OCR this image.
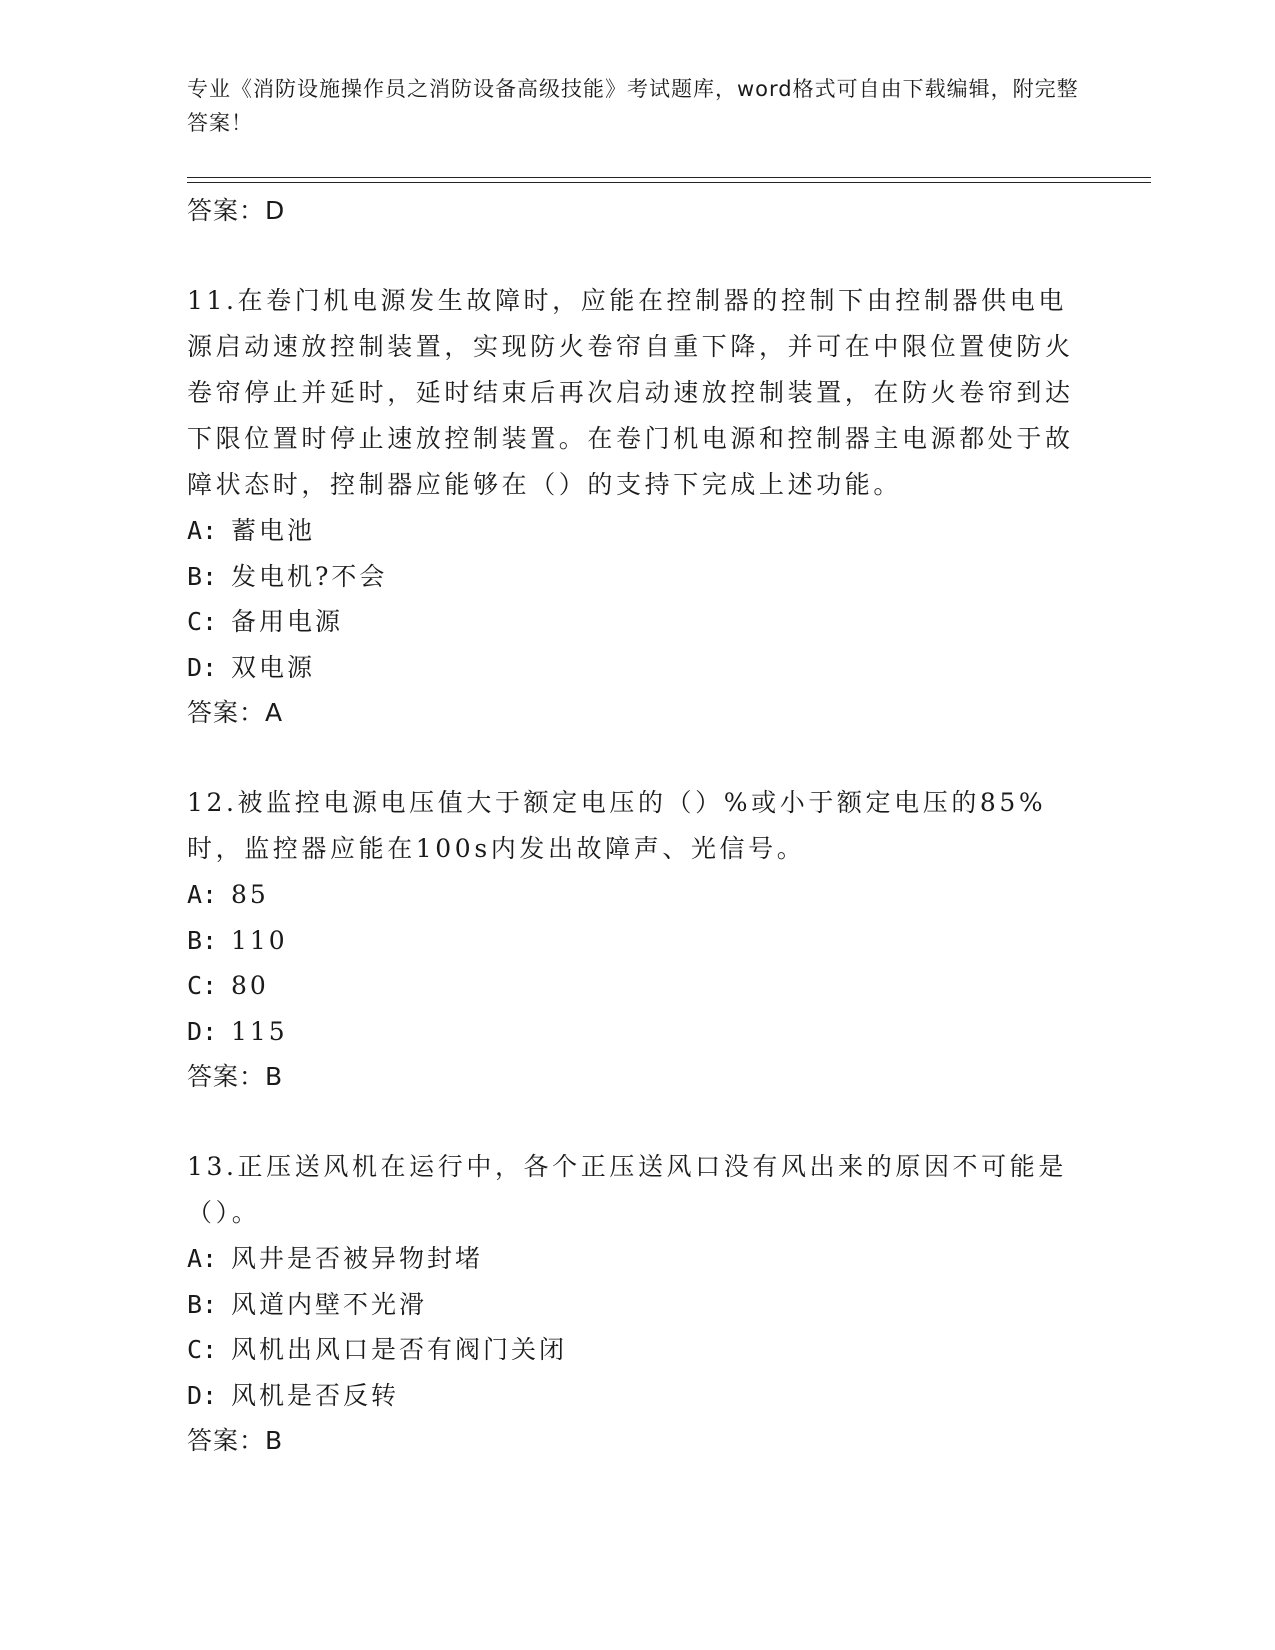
专业《消防设施操作员之消防设备高级技能》考试题库，word格式可自由下载编辑，附完整答案！
答案：D

11.在卷门机电源发生故障时，应能在控制器的控制下由控制器供电电源启动速放控制装置，实现防火卷帘自重下降，并可在中限位置使防火卷帘停止并延时，延时结束后再次启动速放控制装置，在防火卷帘到达下限位置时停止速放控制装置。在卷门机电源和控制器主电源都处于故障状态时，控制器应能够在（）的支持下完成上述功能。

A: 蓄电池
B: 发电机?不会
C: 备用电源
D: 双电源
答案：A

12.被监控电源电压值大于额定电压的（）%或小于额定电压的85%时，监控器应能在100s内发出故障声、光信号。

A: 85
B: 110
C: 80
D: 115
答案：B

13.正压送风机在运行中，各个正压送风口没有风出来的原因不可能是（）。

A: 风井是否被异物封堵
B: 风道内壁不光滑
C: 风机出风口是否有阀门关闭
D: 风机是否反转
答案：B
